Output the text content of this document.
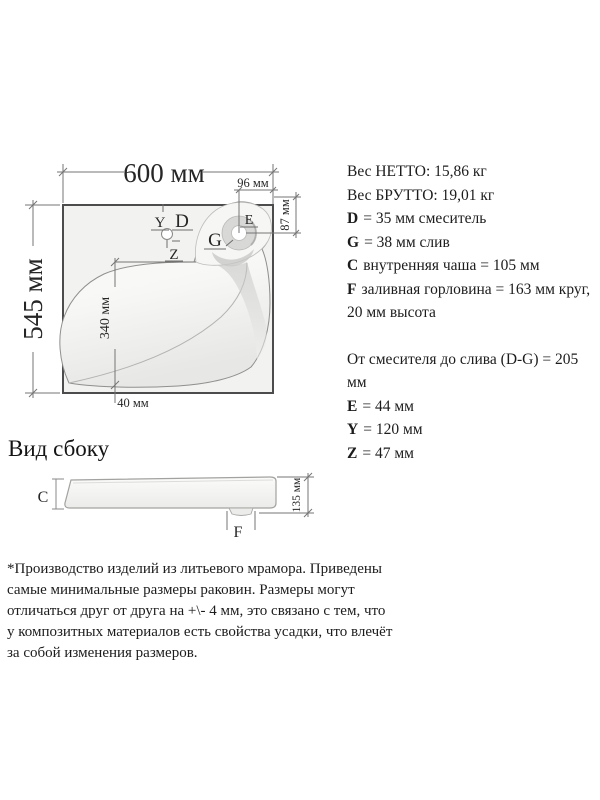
600 мм
545 мм
96 мм
87 мм
340 мм
40 мм
Y D
Z
G
E
C
F
135 мм
Вес НЕТТО: 15,86 кг
Вес БРУТТО: 19,01 кг
D = 35 мм смеситель
G = 38 мм слив
C внутренняя чаша = 105 мм
F заливная горловина = 163 мм круг,
20 мм высота
От смесителя до слива (D-G) = 205 мм
E = 44 мм
Y = 120 мм
Z = 47 мм
Вид сбоку
*Производство изделий из литьевого мрамора. Приведены
самые минимальные размеры раковин. Размеры могут
отличаться друг от друга на +\- 4 мм, это связано с тем, что
у композитных материалов есть свойства усадки, что влечёт
за собой изменения размеров.
